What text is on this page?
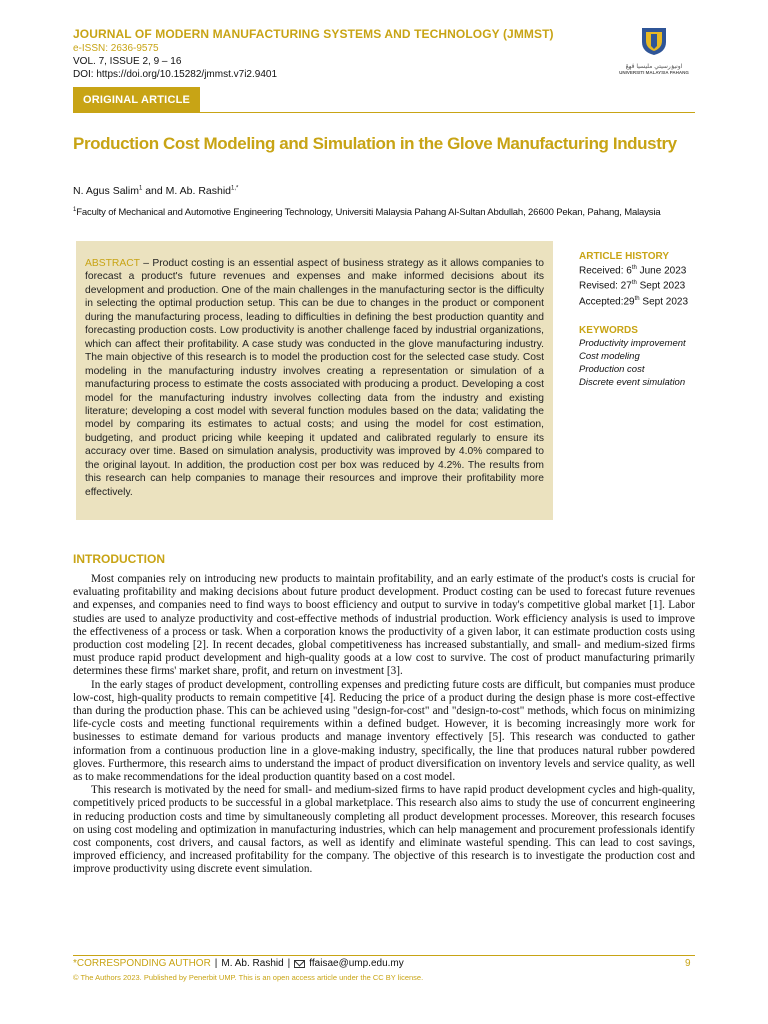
JOURNAL OF MODERN MANUFACTURING SYSTEMS AND TECHNOLOGY (JMMST)
e-ISSN: 2636-9575
VOL. 7, ISSUE 2, 9 – 16
DOI: https://doi.org/10.15282/jmmst.v7i2.9401
اونيۏرسيتي مليسيا ڤهڠ
UNIVERSITI MALAYSIA PAHANG
ORIGINAL ARTICLE
Production Cost Modeling and Simulation in the Glove Manufacturing Industry
N. Agus Salim$^1$ and M. Ab. Rashid$^{1,*}$
$^1$Faculty of Mechanical and Automotive Engineering Technology, Universiti Malaysia Pahang Al-Sultan Abdullah, 26600 Pekan, Pahang, Malaysia
ABSTRACT – Product costing is an essential aspect of business strategy as it allows companies to forecast a product's future revenues and expenses and make informed decisions about its development and production. One of the main challenges in the manufacturing sector is the difficulty in selecting the optimal production setup. This can be due to changes in the product or component during the manufacturing process, leading to difficulties in defining the best production quantity and forecasting production costs. Low productivity is another challenge faced by industrial organizations, which can affect their profitability. A case study was conducted in the glove manufacturing industry. The main objective of this research is to model the production cost for the selected case study. Cost modeling in the manufacturing industry involves creating a representation or simulation of a manufacturing process to estimate the costs associated with producing a product. Developing a cost model for the manufacturing industry involves collecting data from the industry and existing literature; developing a cost model with several function modules based on the data; validating the model by comparing its estimates to actual costs; and using the model for cost estimation, budgeting, and product pricing while keeping it updated and calibrated regularly to ensure its accuracy over time. Based on simulation analysis, productivity was improved by 4.0% compared to the original layout. In addition, the production cost per box was reduced by 4.2%. The results from this research can help companies to manage their resources and improve their profitability more effectively.
ARTICLE HISTORY
Received: 6th June 2023
Revised: 27th Sept 2023
Accepted:29th Sept 2023
KEYWORDS
Productivity improvement
Cost modeling
Production cost
Discrete event simulation
INTRODUCTION

Most companies rely on introducing new products to maintain profitability, and an early estimate of the product's costs is crucial for evaluating profitability and making decisions about future product development. Product costing can be used to forecast future revenues and expenses, and companies need to find ways to boost efficiency and output to survive in today's competitive global market [1]. Labor studies are used to analyze productivity and cost-effective methods of industrial production. Work efficiency analysis is used to improve the effectiveness of a process or task. When a corporation knows the productivity of a given labor, it can estimate production costs using production cost modeling [2]. In recent decades, global competitiveness has increased substantially, and small- and medium-sized firms must produce rapid product development and high-quality goods at a low cost to survive. The cost of product manufacturing primarily determines these firms' market share, profit, and return on investment [3].

In the early stages of product development, controlling expenses and predicting future costs are difficult, but companies must produce low-cost, high-quality products to remain competitive [4]. Reducing the price of a product during the design phase is more cost-effective than during the production phase. This can be achieved using "design-for-cost" and "design-to-cost" methods, which focus on minimizing life-cycle costs and meeting functional requirements within a defined budget. However, it is becoming increasingly more work for businesses to estimate demand for various products and manage inventory effectively [5]. This research was conducted to gather information from a continuous production line in a glove-making industry, specifically, the line that produces natural rubber powdered gloves. Furthermore, this research aims to understand the impact of product diversification on inventory levels and service quality, as well as to make recommendations for the ideal production quantity based on a cost model.

This research is motivated by the need for small- and medium-sized firms to have rapid product development cycles and high-quality, competitively priced products to be successful in a global marketplace. This research also aims to study the use of concurrent engineering in reducing production costs and time by simultaneously completing all product development processes. Moreover, this research focuses on using cost modeling and optimization in manufacturing industries, which can help management and procurement professionals identify cost components, cost drivers, and causal factors, as well as identify and eliminate wasteful spending. This can lead to cost savings, improved efficiency, and increased profitability for the company. The objective of this research is to investigate the production cost and improve productivity using discrete event simulation.

*CORRESPONDING AUTHOR | M. Ab. Rashid | ffaisae@ump.edu.my	9
© The Authors 2023. Published by Penerbit UMP. This is an open access article under the CC BY license.
